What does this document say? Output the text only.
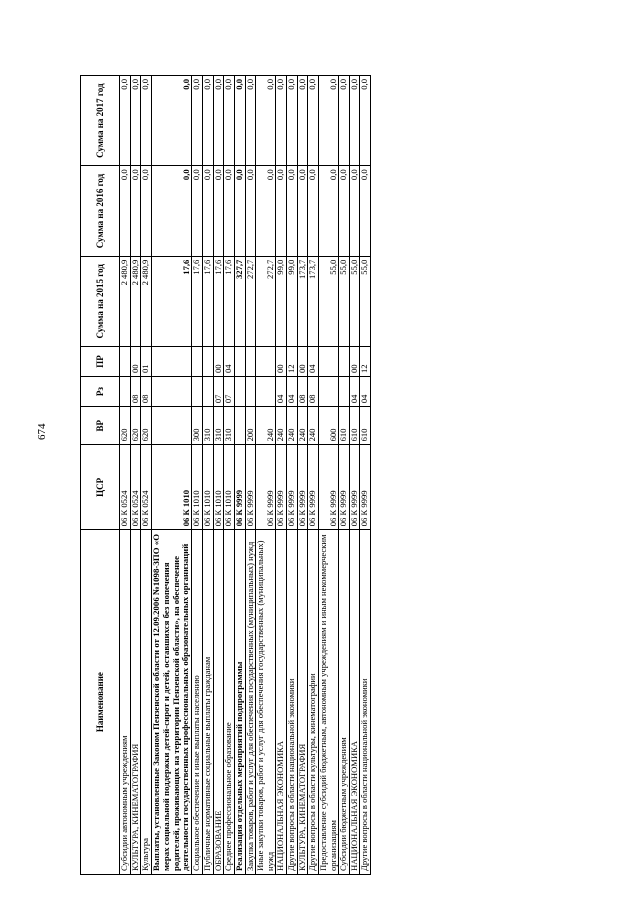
674
Наименование	ЦСР	ВР	Рз	ПР	Сумма на 2015 год	Сумма на 2016 год	Сумма на 2017 год
Субсидии автономным учреждениям	06 К 0524	620			2 480,9	0,0	0,0
КУЛЬТУРА, КИНЕМАТОГРАФИЯ	06 К 0524	620	08	00	2 480,9	0,0	0,0
Культура	06 К 0524	620	08	01	2 480,9	0,0	0,0
Выплаты, установленные Законом Пензенской области от 12.09.2006 №1098-ЗПО «О мерах социальной поддержки детей-сирот и детей, оставшихся без попечения родителей, проживающих на территории Пензенской области», на обеспечение деятельности государственных профессиональных образовательных организаций	06 К 1010				17,6	0,0	0,0
Социальное обеспечение и иные выплаты населению	06 К 1010	300			17,6	0,0	0,0
Публичные нормативные социальные выплаты гражданам	06 К 1010	310			17,6	0,0	0,0
ОБРАЗОВАНИЕ	06 К 1010	310	07	00	17,6	0,0	0,0
Среднее профессиональное образование	06 К 1010	310	07	04	17,6	0,0	0,0
Реализация отдельных мероприятий подпрограммы	06 К 9999				327,7	0,0	0,0
Закупка товаров, работ и услуг для обеспечения государственных (муниципальных) нужд	06 К 9999	200			272,7	0,0	0,0
Иные закупки товаров, работ и услуг для обеспечения государственных (муниципальных) нужд	06 К 9999	240			272,7	0,0	0,0
НАЦИОНАЛЬНАЯ ЭКОНОМИКА	06 К 9999	240	04	00	99,0	0,0	0,0
Другие вопросы в области национальной экономики	06 К 9999	240	04	12	99,0	0,0	0,0
КУЛЬТУРА, КИНЕМАТОГРАФИЯ	06 К 9999	240	08	00	173,7	0,0	0,0
Другие вопросы в области культуры, кинематографии	06 К 9999	240	08	04	173,7	0,0	0,0
Предоставление субсидий бюджетным, автономным учреждениям и иным некоммерческим организациям	06 К 9999	600			55,0	0,0	0,0
Субсидии бюджетным учреждениям	06 К 9999	610			55,0	0,0	0,0
НАЦИОНАЛЬНАЯ ЭКОНОМИКА	06 К 9999	610	04	00	55,0	0,0	0,0
Другие вопросы в области национальной экономики	06 К 9999	610	04	12	55,0	0,0	0,0
